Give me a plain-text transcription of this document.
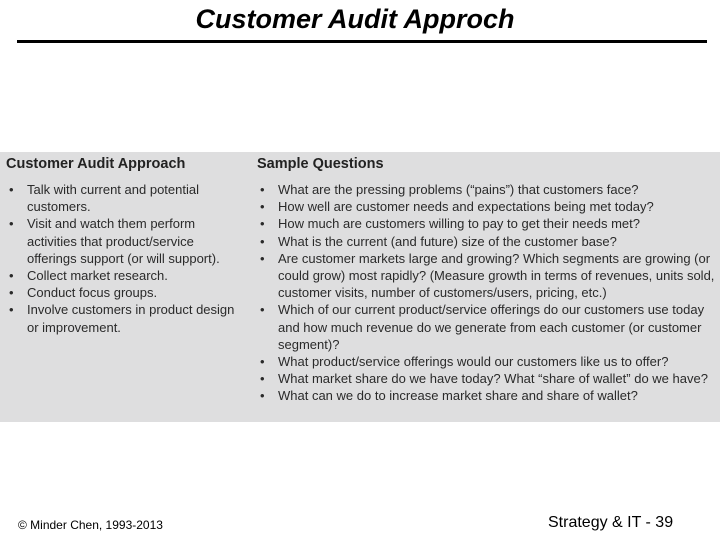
Customer Audit Approch
Customer Audit Approach	Sample Questions
• Talk with current and potential customers.
• Visit and watch them perform activities that product/service offerings support (or will support).
• Collect market research.
• Conduct focus groups.
• Involve customers in product design or improvement.
• What are the pressing problems (“pains”) that customers face?
• How well are customer needs and expectations being met today?
• How much are customers willing to pay to get their needs met?
• What is the current (and future) size of the customer base?
• Are customer markets large and growing? Which segments are growing (or could grow) most rapidly? (Measure growth in terms of revenues, units sold, customer visits, number of customers/users, pricing, etc.)
• Which of our current product/service offerings do our customers use today and how much revenue do we generate from each customer (or customer segment)?
• What product/service offerings would our customers like us to offer?
• What market share do we have today? What “share of wallet” do we have?
• What can we do to increase market share and share of wallet?
© Minder Chen, 1993-2013	Strategy & IT - 39
